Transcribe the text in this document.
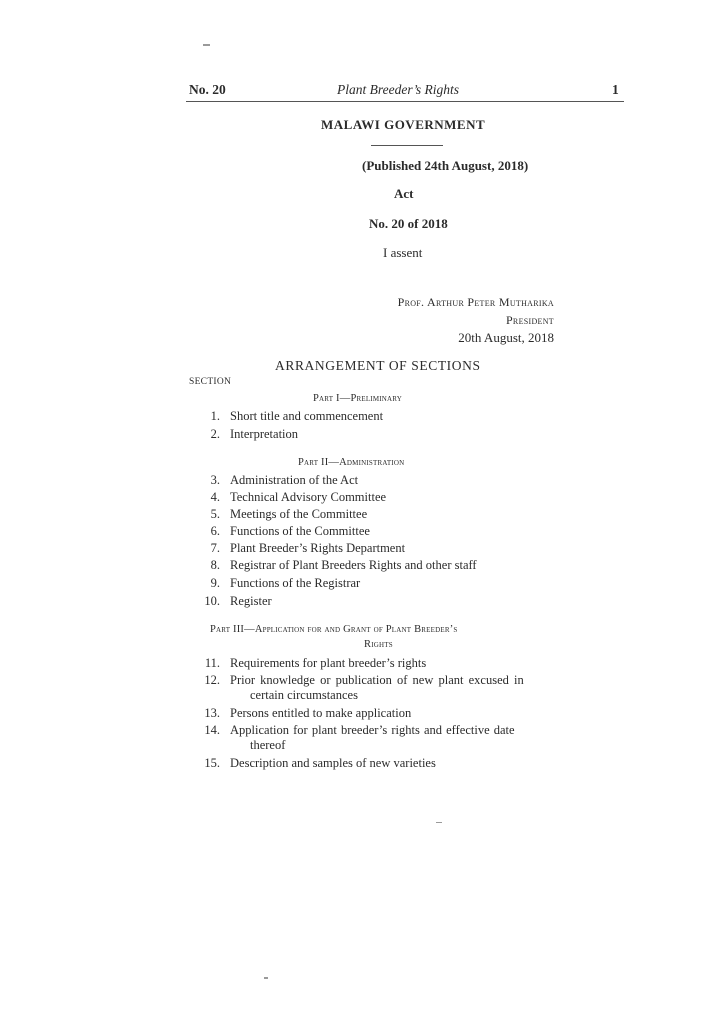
No. 20	Plant Breeder’s Rights	1
MALAWI GOVERNMENT
(Published 24th August, 2018)
Act
No. 20 of 2018
I assent
Prof. Arthur Peter Mutharika
President
20th August, 2018
ARRANGEMENT OF SECTIONS
SECTION
Part I—Preliminary
1. Short title and commencement
2. Interpretation
Part II—Administration
3. Administration of the Act
4. Technical Advisory Committee
5. Meetings of the Committee
6. Functions of the Committee
7. Plant Breeder’s Rights Department
8. Registrar of Plant Breeders Rights and other staff
9. Functions of the Registrar
10. Register
Part III—Application for and Grant of Plant Breeder’s
Rights
11. Requirements for plant breeder’s rights
12. Prior knowledge or publication of new plant excused in
certain circumstances
13. Persons entitled to make application
14. Application for plant breeder’s rights and effective date
thereof
15. Description and samples of new varieties
